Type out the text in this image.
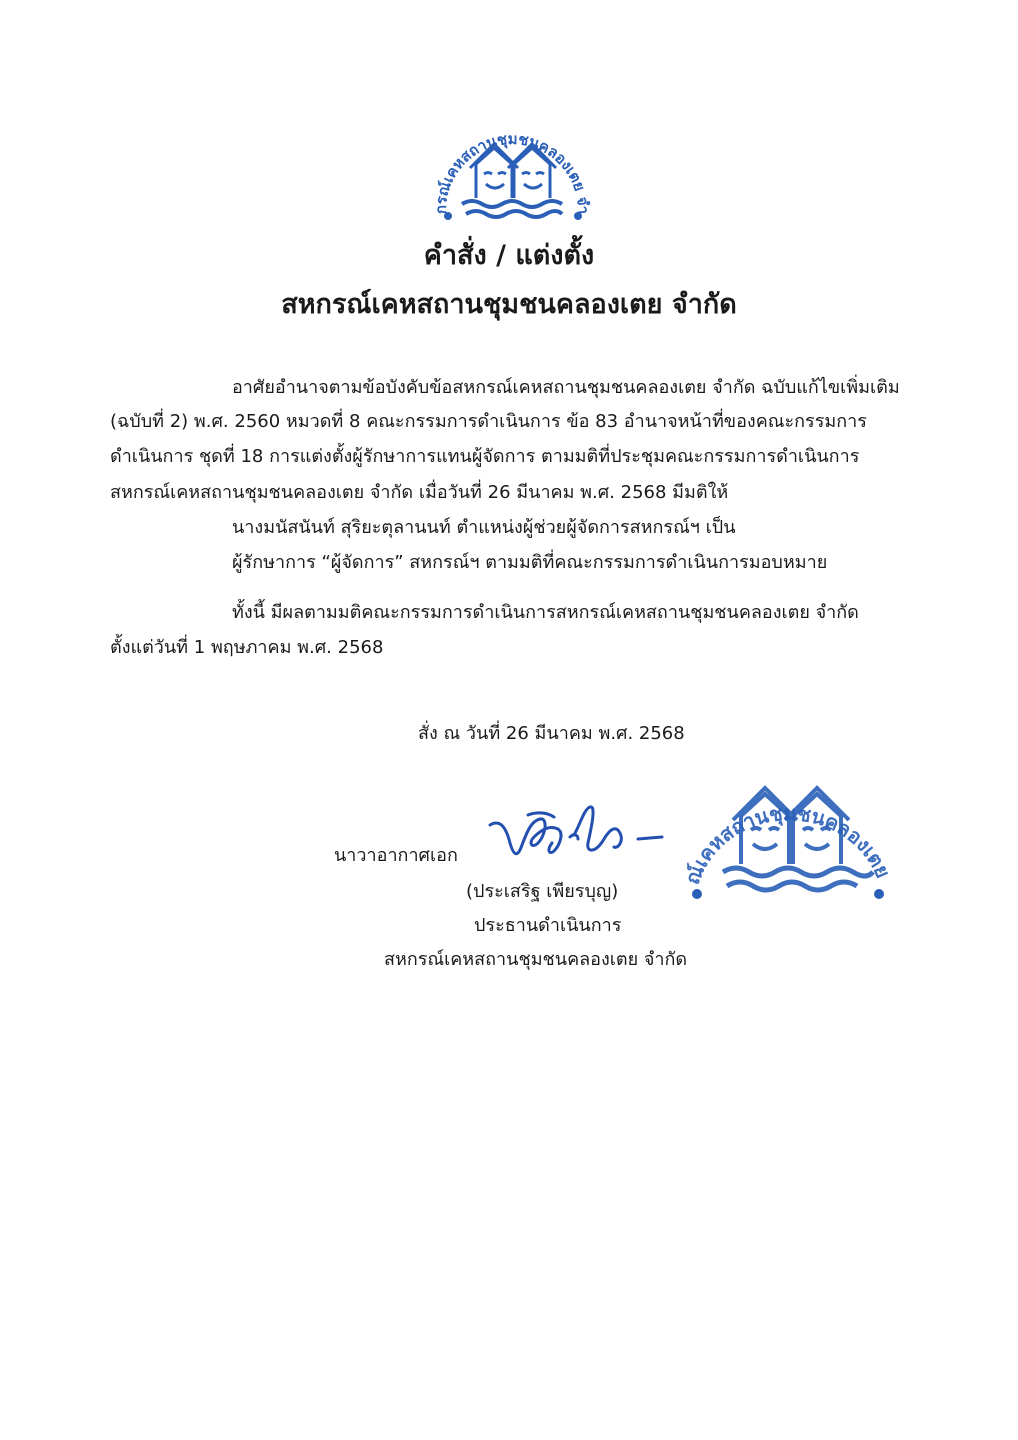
กรณ์เคหสถานชุมชนคลองเตย จำ
คำสั่ง / แต่งตั้ง
สหกรณ์เคหสถานชุมชนคลองเตย จำกัด
อาศัยอำนาจตามข้อบังคับข้อสหกรณ์เคหสถานชุมชนคลองเตย จำกัด ฉบับแก้ไขเพิ่มเติม
(ฉบับที่ 2) พ.ศ. 2560 หมวดที่ 8 คณะกรรมการดำเนินการ ข้อ 83 อำนาจหน้าที่ของคณะกรรมการ
ดำเนินการ ชุดที่ 18 การแต่งตั้งผู้รักษาการแทนผู้จัดการ ตามมติที่ประชุมคณะกรรมการดำเนินการ
สหกรณ์เคหสถานชุมชนคลองเตย จำกัด เมื่อวันที่ 26 มีนาคม พ.ศ. 2568 มีมติให้
นางมนัสนันท์ สุริยะตุลานนท์ ตำแหน่งผู้ช่วยผู้จัดการสหกรณ์ฯ เป็น
ผู้รักษาการ “ผู้จัดการ” สหกรณ์ฯ ตามมติที่คณะกรรมการดำเนินการมอบหมาย
ทั้งนี้ มีผลตามมติคณะกรรมการดำเนินการสหกรณ์เคหสถานชุมชนคลองเตย จำกัด
ตั้งแต่วันที่ 1 พฤษภาคม พ.ศ. 2568
สั่ง ณ วันที่ 26 มีนาคม พ.ศ. 2568
เคหสถานชุมชนคลองเตย
นาวาอากาศเอก
(ประเสริฐ เพียรบุญ)
ประธานดำเนินการ
สหกรณ์เคหสถานชุมชนคลองเตย จำกัด
